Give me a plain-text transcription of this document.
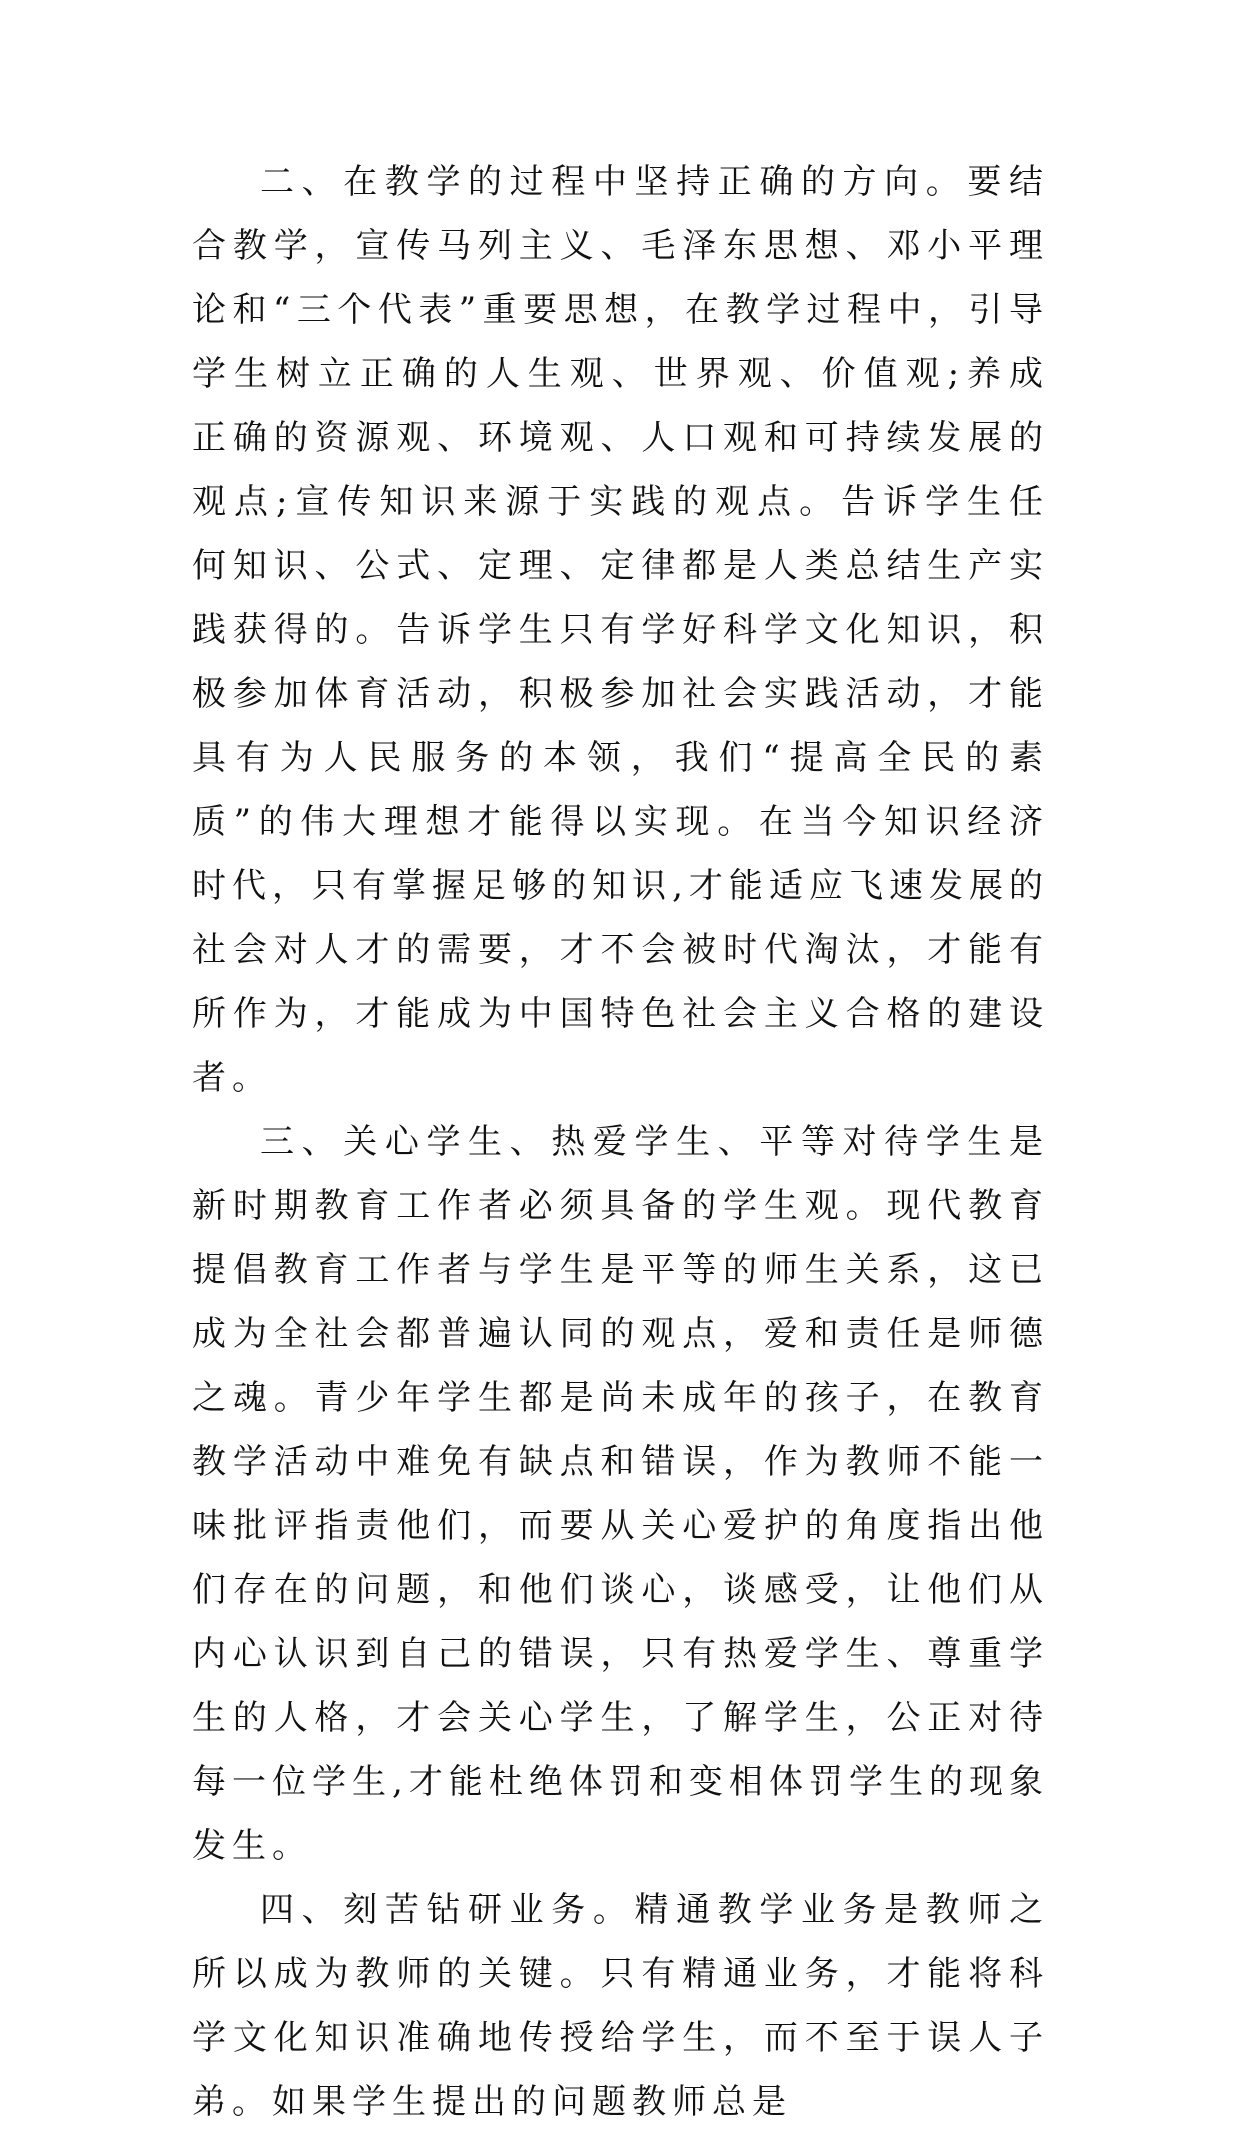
二、在教学的过程中坚持正确的方向。要结合教学，宣传马列主义、毛泽东思想、邓小平理论和“三个代表”重要思想，在教学过程中，引导学生树立正确的人生观、世界观、价值观;养成正确的资源观、环境观、人口观和可持续发展的观点;宣传知识来源于实践的观点。告诉学生任何知识、公式、定理、定律都是人类总结生产实践获得的。告诉学生只有学好科学文化知识，积极参加体育活动，积极参加社会实践活动，才能具有为人民服务的本领，我们“提高全民的素质”的伟大理想才能得以实现。在当今知识经济时代，只有掌握足够的知识,才能适应飞速发展的社会对人才的需要，才不会被时代淘汰，才能有所作为，才能成为中国特色社会主义合格的建设者。

三、关心学生、热爱学生、平等对待学生是新时期教育工作者必须具备的学生观。现代教育提倡教育工作者与学生是平等的师生关系，这已成为全社会都普遍认同的观点，爱和责任是师德之魂。青少年学生都是尚未成年的孩子，在教育教学活动中难免有缺点和错误，作为教师不能一味批评指责他们，而要从关心爱护的角度指出他们存在的问题，和他们谈心，谈感受，让他们从内心认识到自己的错误，只有热爱学生、尊重学生的人格，才会关心学生，了解学生，公正对待每一位学生,才能杜绝体罚和变相体罚学生的现象发生。

四、刻苦钻研业务。精通教学业务是教师之所以成为教师的关键。只有精通业务，才能将科学文化知识准确地传授给学生，而不至于误人子弟。如果学生提出的问题教师总是
